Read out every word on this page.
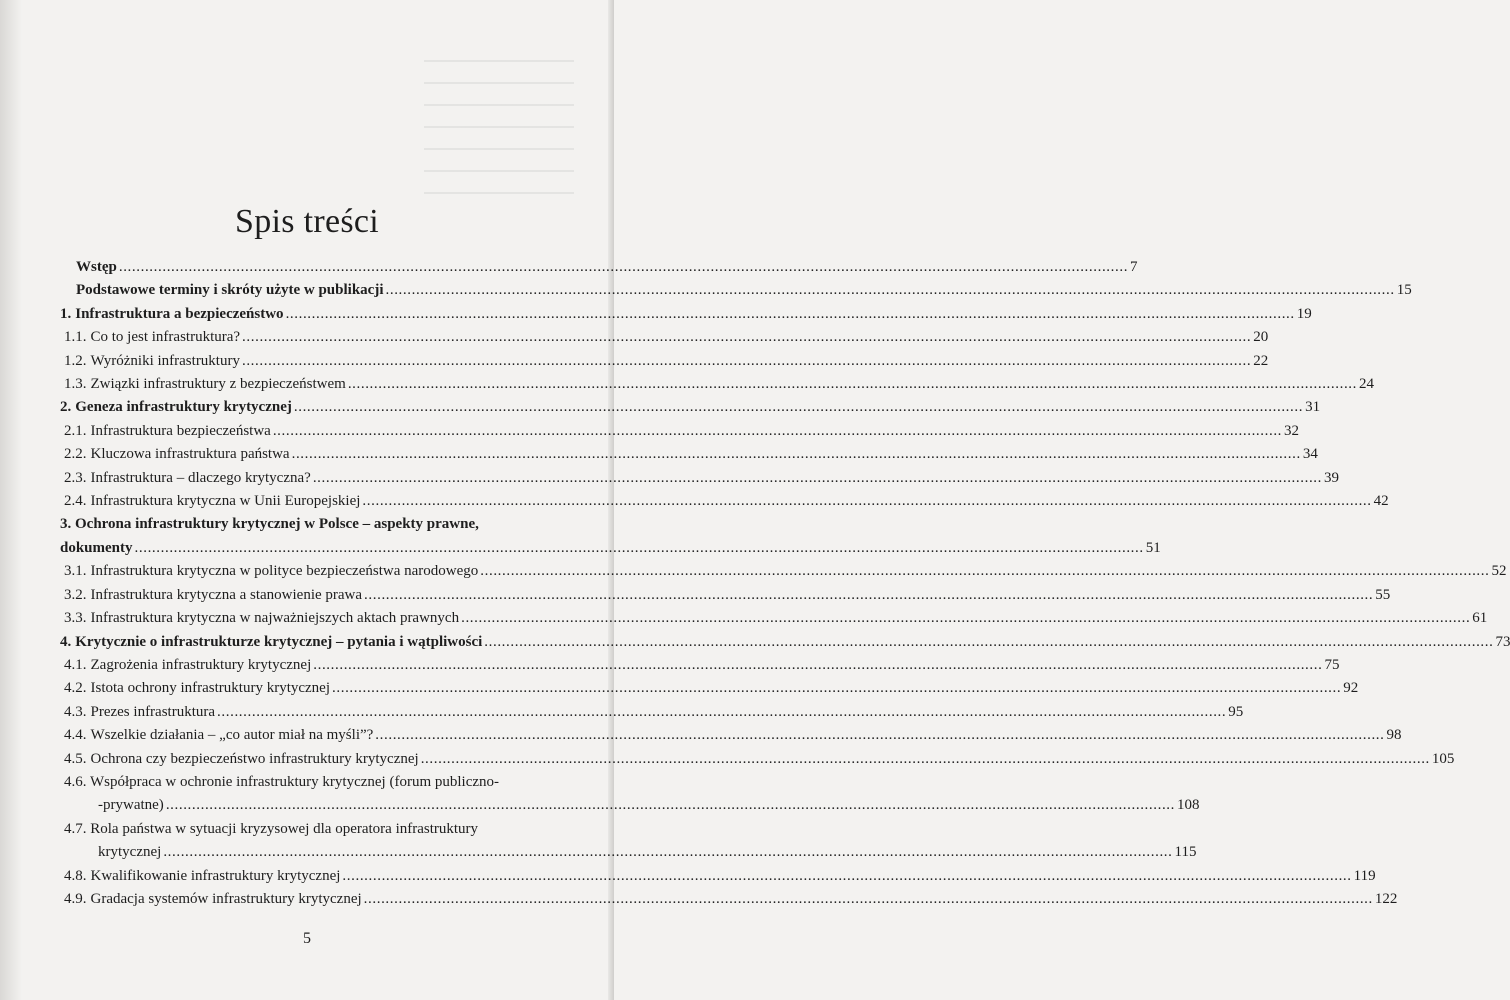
Spis treści
Wstęp .....	7
Podstawowe terminy i skróty użyte w publikacji .....	15
1. Infrastruktura a bezpieczeństwo .....	19
1.1. Co to jest infrastruktura? .....	20
1.2. Wyróżniki infrastruktury .....	22
1.3. Związki infrastruktury z bezpieczeństwem .....	24
2. Geneza infrastruktury krytycznej .....	31
2.1. Infrastruktura bezpieczeństwa .....	32
2.2. Kluczowa infrastruktura państwa .....	34
2.3. Infrastruktura – dlaczego krytyczna? .....	39
2.4. Infrastruktura krytyczna w Unii Europejskiej .....	42
3. Ochrona infrastruktury krytycznej w Polsce – aspekty prawne,
dokumenty .....	51
3.1. Infrastruktura krytyczna w polityce bezpieczeństwa narodowego .....	52
3.2. Infrastruktura krytyczna a stanowienie prawa .....	55
3.3. Infrastruktura krytyczna w najważniejszych aktach prawnych .....	61
4. Krytycznie o infrastrukturze krytycznej – pytania i wątpliwości .....	73
4.1. Zagrożenia infrastruktury krytycznej .....	75
4.2. Istota ochrony infrastruktury krytycznej .....	92
4.3. Prezes infrastruktura .....	95
4.4. Wszelkie działania – „co autor miał na myśli”? .....	98
4.5. Ochrona czy bezpieczeństwo infrastruktury krytycznej .....	105
4.6. Współpraca w ochronie infrastruktury krytycznej (forum publiczno-
-prywatne) .....	108
4.7. Rola państwa w sytuacji kryzysowej dla operatora infrastruktury
krytycznej .....	115
4.8. Kwalifikowanie infrastruktury krytycznej .....	119
4.9. Gradacja systemów infrastruktury krytycznej .....	122
5
